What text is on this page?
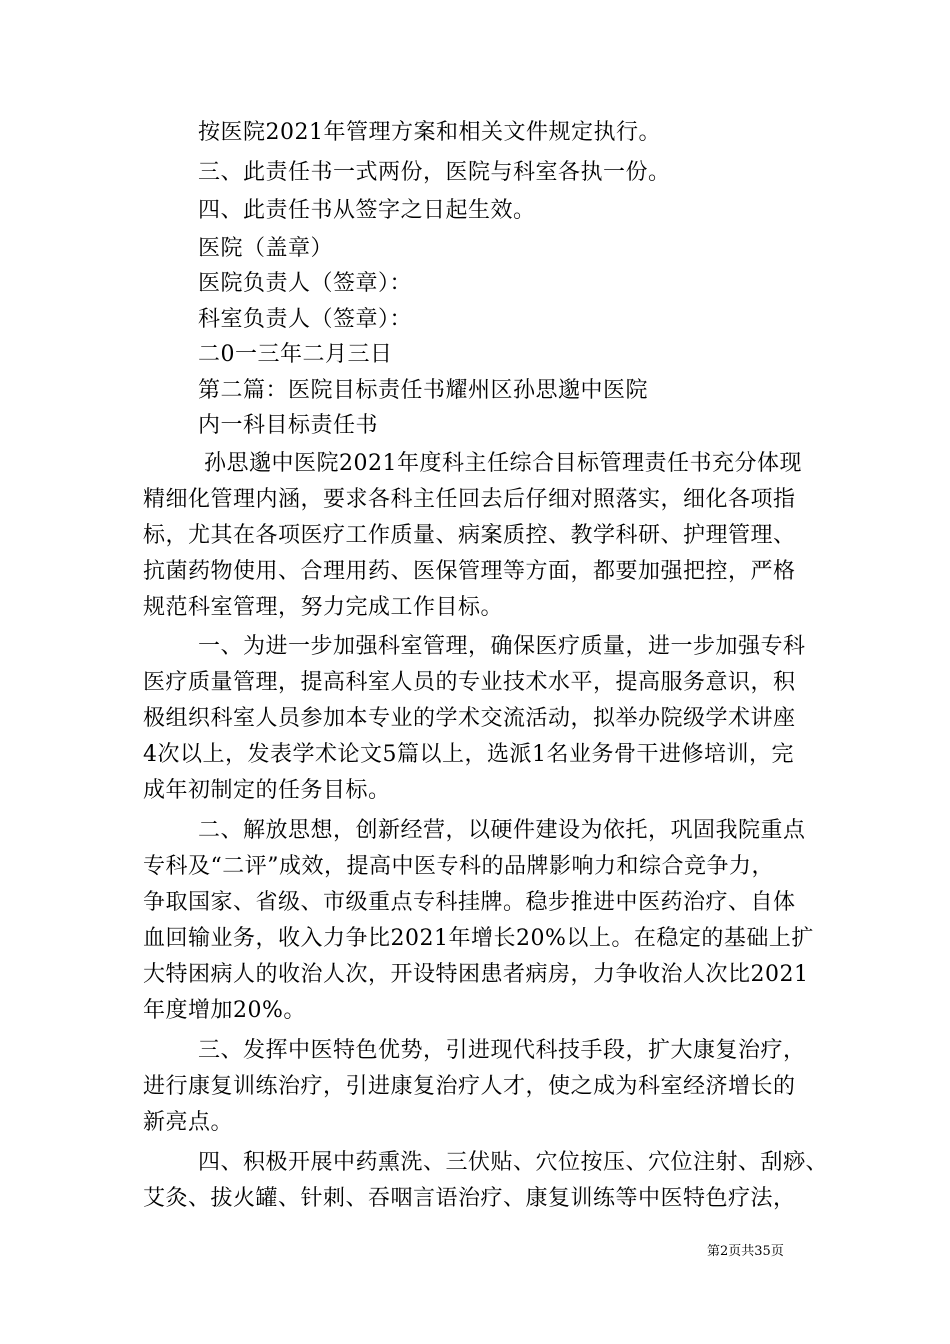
按医院2021年管理方案和相关文件规定执行。
三、此责任书一式两份，医院与科室各执一份。
四、此责任书从签字之日起生效。
医院（盖章）
医院负责人（签章）：
科室负责人（签章）：
二0一三年二月三日
第二篇：医院目标责任书耀州区孙思邈中医院
内一科目标责任书
孙思邈中医院2021年度科主任综合目标管理责任书充分体现
精细化管理内涵，要求各科主任回去后仔细对照落实，细化各项指
标，尤其在各项医疗工作质量、病案质控、教学科研、护理管理、
抗菌药物使用、合理用药、医保管理等方面，都要加强把控，严格
规范科室管理，努力完成工作目标。
一、为进一步加强科室管理，确保医疗质量，进一步加强专科
医疗质量管理，提高科室人员的专业技术水平，提高服务意识，积
极组织科室人员参加本专业的学术交流活动，拟举办院级学术讲座
4次以上，发表学术论文5篇以上，选派1名业务骨干进修培训，完
成年初制定的任务目标。
二、解放思想，创新经营，以硬件建设为依托，巩固我院重点
专科及“二评”成效，提高中医专科的品牌影响力和综合竞争力，
争取国家、省级、市级重点专科挂牌。稳步推进中医药治疗、自体
血回输业务，收入力争比2021年增长20%以上。在稳定的基础上扩
大特困病人的收治人次，开设特困患者病房，力争收治人次比2021
年度增加20%。
三、发挥中医特色优势，引进现代科技手段，扩大康复治疗，
进行康复训练治疗，引进康复治疗人才，使之成为科室经济增长的
新亮点。
四、积极开展中药熏洗、三伏贴、穴位按压、穴位注射、刮痧、
艾灸、拔火罐、针刺、吞咽言语治疗、康复训练等中医特色疗法，
第2页共35页
